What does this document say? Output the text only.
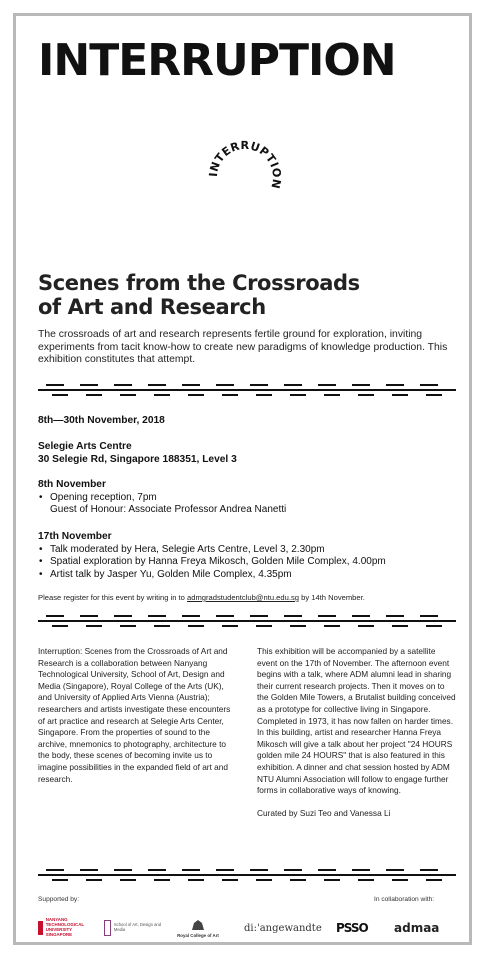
INTERRUPTION
INTERRUPTION
Scenes from the Crossroads
of Art and Research
The crossroads of art and research represents fertile ground for exploration, inviting experiments from tacit know-how to create new paradigms of knowledge production. This exhibition constitutes that attempt.
8th—30th November, 2018
Selegie Arts Centre
30 Selegie Rd, Singapore 188351, Level 3
8th November
• Opening reception, 7pm
Guest of Honour: Associate Professor Andrea Nanetti
17th November
• Talk moderated by Hera, Selegie Arts Centre, Level 3, 2.30pm
• Spatial exploration by Hanna Freya Mikosch, Golden Mile Complex, 4.00pm
• Artist talk by Jasper Yu, Golden Mile Complex, 4.35pm
Please register for this event by writing in to admgradstudentclub@ntu.edu.sg by 14th November.
Interruption: Scenes from the Crossroads of Art and Research is a collaboration between Nanyang Technological University, School of Art, Design and Media (Singapore), Royal College of the Arts (UK), and University of Applied Arts Vienna (Austria); researchers and artists investigate these encounters of art practice and research at Selegie Arts Center, Singapore. From the properties of sound to the archive, mnemonics to photography, architecture to the body, these scenes of becoming invite us to imagine possibilities in the expanded field of art and research.
This exhibition will be accompanied by a satellite event on the 17th of November. The afternoon event begins with a talk, where ADM alumni lead in sharing their current research projects. Then it moves on to the Golden Mile Towers, a Brutalist building conceived as a prototype for collective living in Singapore. Completed in 1973, it has now fallen on harder times. In this building, artist and researcher Hanna Freya Mikosch will give a talk about her project "24 HOURS golden mile 24 HOURS" that is also featured in this exhibition. A dinner and chat session hosted by ADM NTU Alumni Association will follow to engage further forms in collaborative ways of knowing.
Curated by Suzi Teo and Vanessa Li
Supported by:	In collaboration with:
NANYANG TECHNOLOGICAL UNIVERSITY SINGAPORE
School of Art, Design and Media
Royal College of Art
di:'angewandte PSSO	admaa
